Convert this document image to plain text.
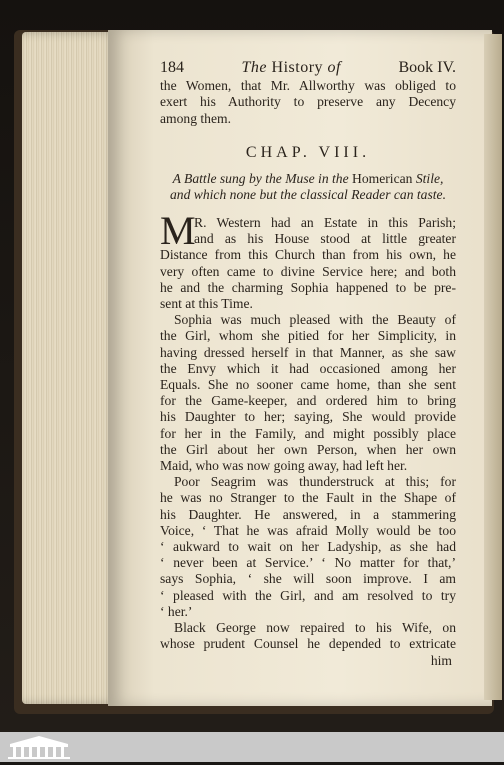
184	The History of	Book IV.
the Women, that Mr. Allworthy was obliged to
exert his Authority to preserve any Decency
among them.
CHAP. VIII.
A Battle sung by the Muse in the Homerican Stile,
and which none but the classical Reader can taste.
M
R. Western had an Estate in this Parish;
and as his House stood at little greater
Distance from this Church than from his own, he
very often came to divine Service here; and both
he and the charming Sophia happened to be pre-
sent at this Time.
Sophia was much pleased with the Beauty of
the Girl, whom she pitied for her Simplicity, in
having dressed herself in that Manner, as she saw
the Envy which it had occasioned among her
Equals. She no sooner came home, than she sent
for the Game-keeper, and ordered him to bring
his Daughter to her; saying, She would provide
for her in the Family, and might possibly place
the Girl about her own Person, when her own
Maid, who was now going away, had left her.
Poor Seagrim was thunderstruck at this; for
he was no Stranger to the Fault in the Shape of
his Daughter. He answered, in a stammering
Voice, ‘ That he was afraid Molly would be too
‘ aukward to wait on her Ladyship, as she had
‘ never been at Service.’ ‘ No matter for that,’
says Sophia, ‘ she will soon improve. I am
‘ pleased with the Girl, and am resolved to try
‘ her.’
Black George now repaired to his Wife, on
whose prudent Counsel he depended to extricate
him
